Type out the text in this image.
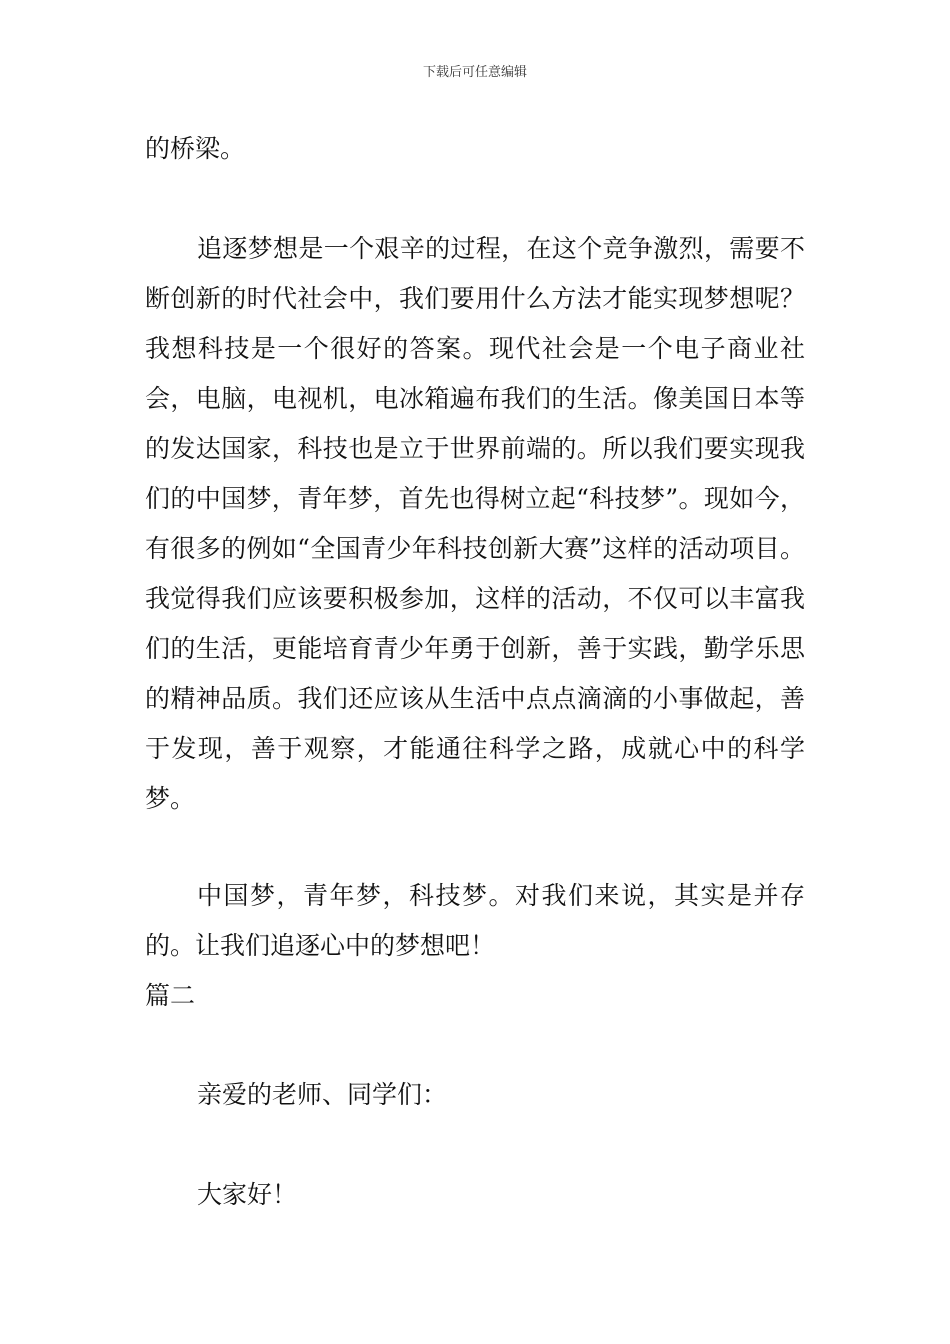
下载后可任意编辑

的桥梁。

追逐梦想是一个艰辛的过程，在这个竞争激烈，需要不断创新的时代社会中，我们要用什么方法才能实现梦想呢？我想科技是一个很好的答案。现代社会是一个电子商业社会，电脑，电视机，电冰箱遍布我们的生活。像美国日本等的发达国家，科技也是立于世界前端的。所以我们要实现我们的中国梦，青年梦，首先也得树立起“科技梦”。现如今，有很多的例如“全国青少年科技创新大赛”这样的活动项目。我觉得我们应该要积极参加，这样的活动，不仅可以丰富我们的生活，更能培育青少年勇于创新，善于实践，勤学乐思的精神品质。我们还应该从生活中点点滴滴的小事做起，善于发现，善于观察，才能通往科学之路，成就心中的科学梦。

中国梦，青年梦，科技梦。对我们来说，其实是并存的。让我们追逐心中的梦想吧！

篇二

亲爱的老师、同学们：

大家好！
